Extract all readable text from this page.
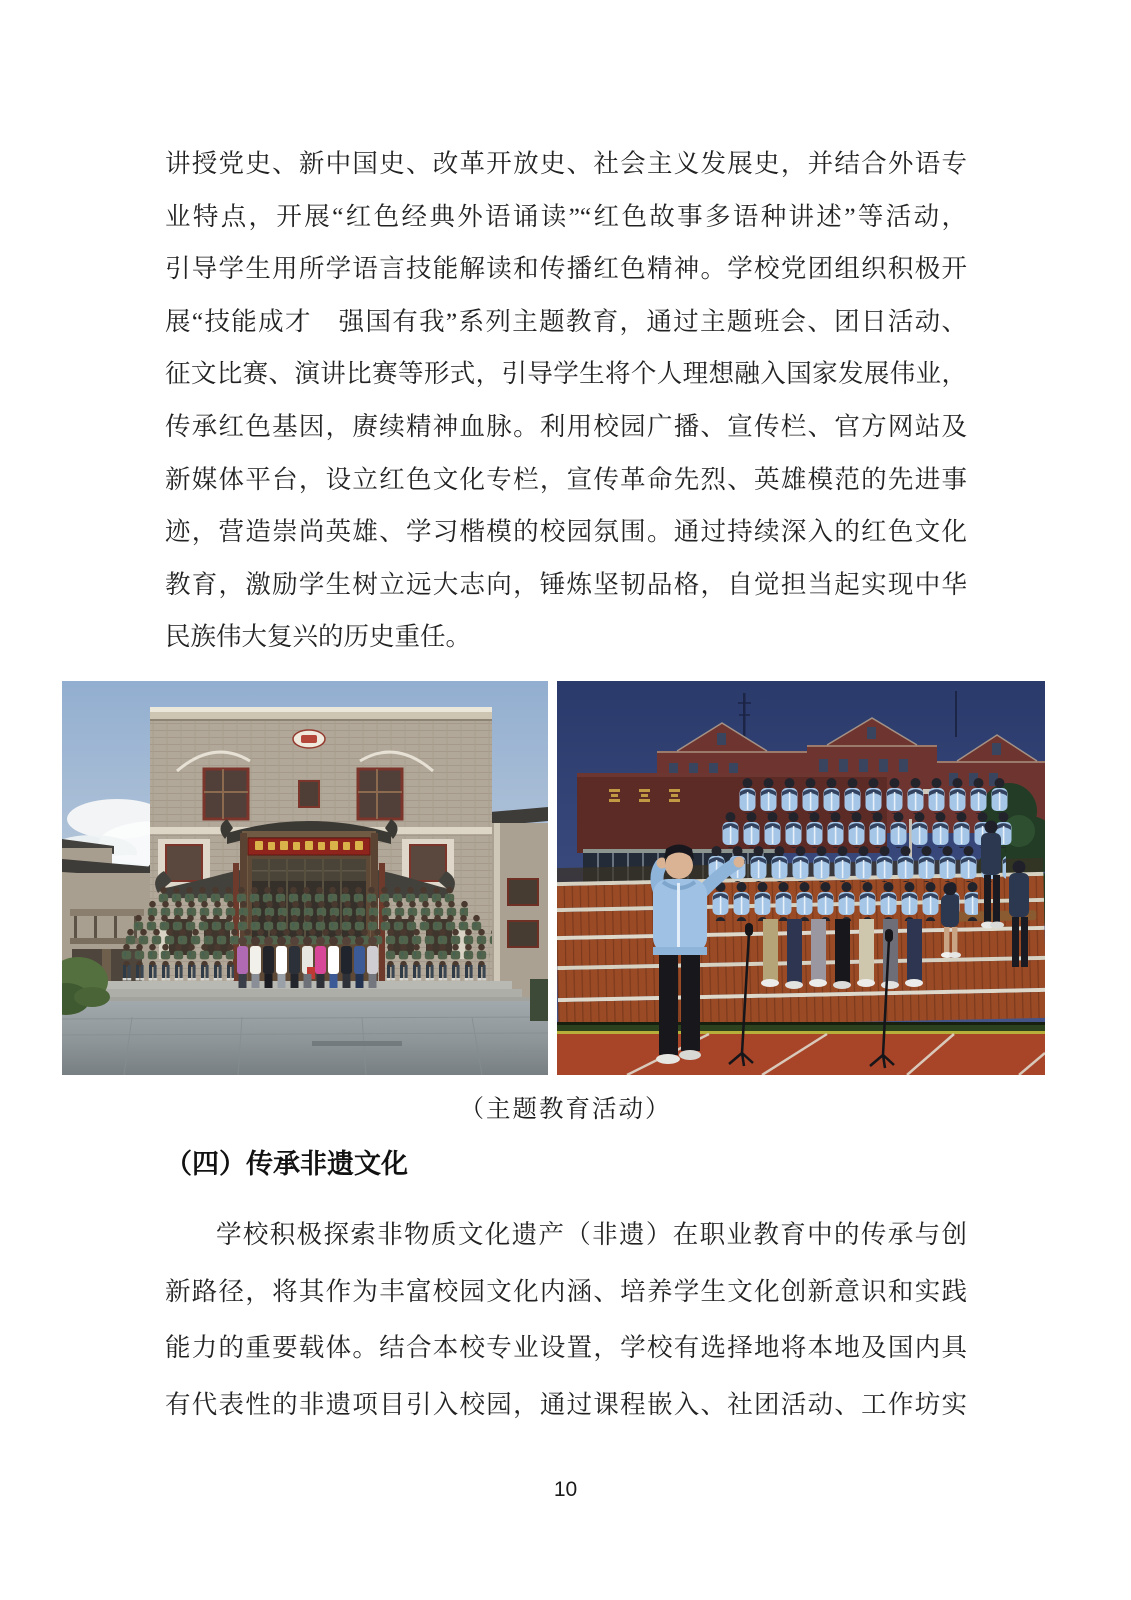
讲授党史、新中国史、改革开放史、社会主义发展史，并结合外语专
业特点，开展“红色经典外语诵读”“红色故事多语种讲述”等活动，
引导学生用所学语言技能解读和传播红色精神。学校党团组织积极开
展“技能成才　强国有我”系列主题教育，通过主题班会、团日活动、
征文比赛、演讲比赛等形式，引导学生将个人理想融入国家发展伟业，
传承红色基因，赓续精神血脉。利用校园广播、宣传栏、官方网站及
新媒体平台，设立红色文化专栏，宣传革命先烈、英雄模范的先进事
迹，营造崇尚英雄、学习楷模的校园氛围。通过持续深入的红色文化
教育，激励学生树立远大志向，锤炼坚韧品格，自觉担当起实现中华
民族伟大复兴的历史重任。
（主题教育活动）
（四）传承非遗文化
学校积极探索非物质文化遗产（非遗）在职业教育中的传承与创
新路径，将其作为丰富校园文化内涵、培养学生文化创新意识和实践
能力的重要载体。结合本校专业设置，学校有选择地将本地及国内具
有代表性的非遗项目引入校园，通过课程嵌入、社团活动、工作坊实
10
